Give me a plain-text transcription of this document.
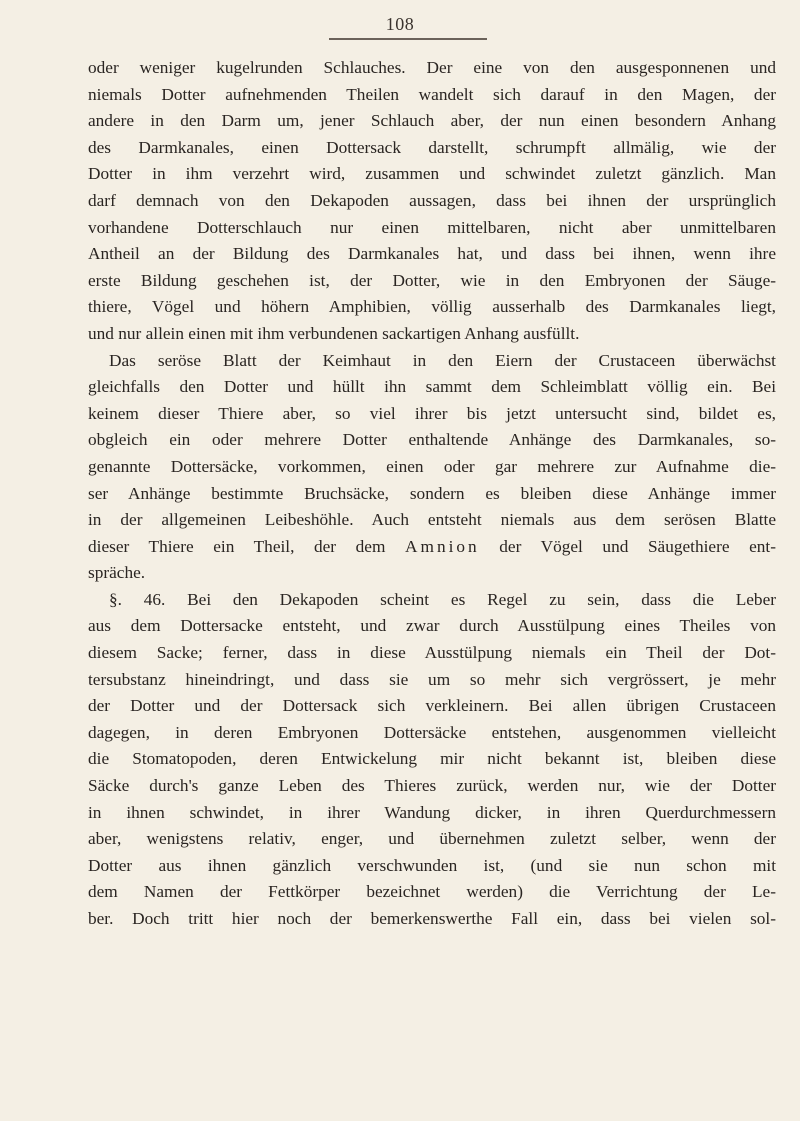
108
oder weniger kugelrunden Schlauches. Der eine von den ausgesponnenen und
niemals Dotter aufnehmenden Theilen wandelt sich darauf in den Magen, der
andere in den Darm um, jener Schlauch aber, der nun einen besondern Anhang
des Darmkanales, einen Dottersack darstellt, schrumpft allmälig, wie der
Dotter in ihm verzehrt wird, zusammen und schwindet zuletzt gänzlich. Man
darf demnach von den Dekapoden aussagen, dass bei ihnen der ursprünglich
vorhandene Dotterschlauch nur einen mittelbaren, nicht aber unmittelbaren
Antheil an der Bildung des Darmkanales hat, und dass bei ihnen, wenn ihre
erste Bildung geschehen ist, der Dotter, wie in den Embryonen der Säuge-
thiere, Vögel und höhern Amphibien, völlig ausserhalb des Darmkanales liegt,
und nur allein einen mit ihm verbundenen sackartigen Anhang ausfüllt.
Das seröse Blatt der Keimhaut in den Eiern der Crustaceen überwächst
gleichfalls den Dotter und hüllt ihn sammt dem Schleimblatt völlig ein. Bei
keinem dieser Thiere aber, so viel ihrer bis jetzt untersucht sind, bildet es,
obgleich ein oder mehrere Dotter enthaltende Anhänge des Darmkanales, so-
genannte Dottersäcke, vorkommen, einen oder gar mehrere zur Aufnahme die-
ser Anhänge bestimmte Bruchsäcke, sondern es bleiben diese Anhänge immer
in der allgemeinen Leibeshöhle. Auch entsteht niemals aus dem serösen Blatte
dieser Thiere ein Theil, der dem Amnion der Vögel und Säugethiere ent-
spräche.
§. 46. Bei den Dekapoden scheint es Regel zu sein, dass die Leber
aus dem Dottersacke entsteht, und zwar durch Ausstülpung eines Theiles von
diesem Sacke; ferner, dass in diese Ausstülpung niemals ein Theil der Dot-
tersubstanz hineindringt, und dass sie um so mehr sich vergrössert, je mehr
der Dotter und der Dottersack sich verkleinern. Bei allen übrigen Crustaceen
dagegen, in deren Embryonen Dottersäcke entstehen, ausgenommen vielleicht
die Stomatopoden, deren Entwickelung mir nicht bekannt ist, bleiben diese
Säcke durch's ganze Leben des Thieres zurück, werden nur, wie der Dotter
in ihnen schwindet, in ihrer Wandung dicker, in ihren Querdurchmessern
aber, wenigstens relativ, enger, und übernehmen zuletzt selber, wenn der
Dotter aus ihnen gänzlich verschwunden ist, (und sie nun schon mit
dem Namen der Fettkörper bezeichnet werden) die Verrichtung der Le-
ber. Doch tritt hier noch der bemerkenswerthe Fall ein, dass bei vielen sol-
